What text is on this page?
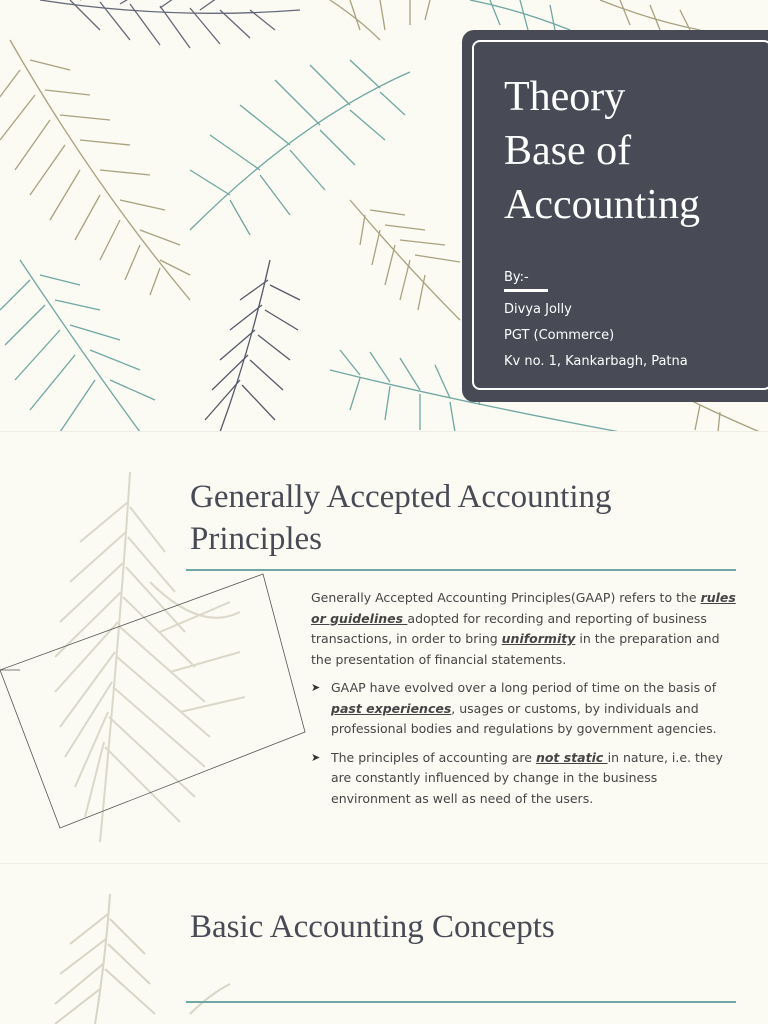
Theory
Base of
Accounting
By:-
Divya Jolly
PGT (Commerce)
Kv no. 1, Kankarbagh, Patna
Generally Accepted Accounting
Principles

Generally Accepted Accounting Principles(GAAP) refers to the rules or guidelines adopted for recording and reporting of business transactions, in order to bring uniformity in the preparation and the presentation of financial statements.

➤ GAAP have evolved over a long period of time on the basis of past experiences, usages or customs, by individuals and professional bodies and regulations by government agencies.
➤ The principles of accounting are not static in nature, i.e. they are constantly influenced by change in the business environment as well as need of the users.
Basic Accounting Concepts
